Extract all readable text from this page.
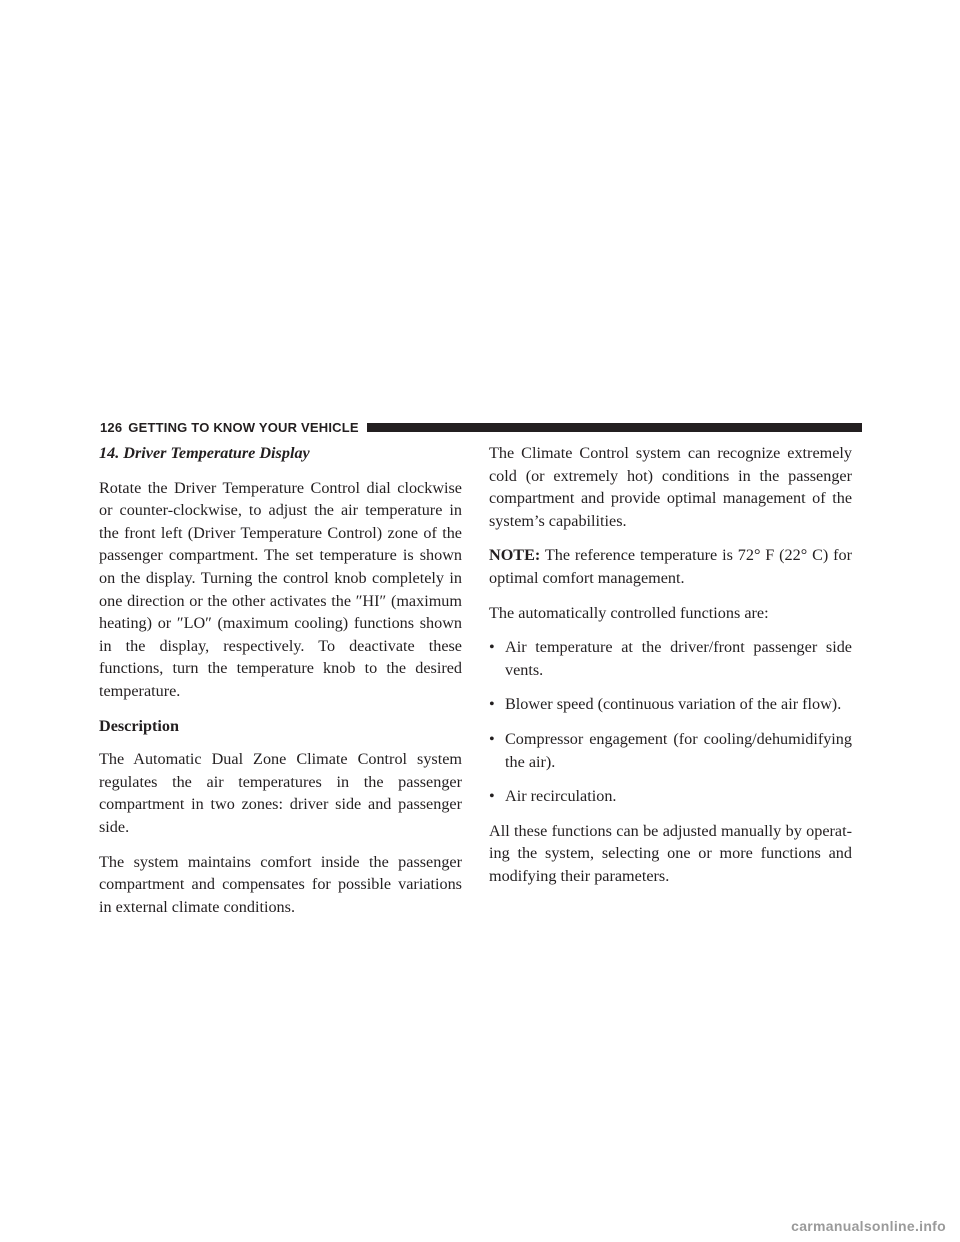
126 GETTING TO KNOW YOUR VEHICLE

14. Driver Temperature Display

Rotate the Driver Temperature Control dial clockwise or counter-clockwise, to adjust the air temperature in the front left (Driver Temperature Control) zone of the passenger compartment. The set temperature is shown on the display. Turning the control knob completely in one direction or the other activates the ″HI″ (maximum heating) or ″LO″ (maximum cooling) functions shown in the display, respectively. To deactivate these functions, turn the temperature knob to the desired temperature.

Description

The Automatic Dual Zone Climate Control system regulates the air temperatures in the passenger compartment in two zones: driver side and passenger side.

The system maintains comfort inside the passenger compartment and compensates for possible variations in external climate conditions.

The Climate Control system can recognize extremely cold (or extremely hot) conditions in the passenger compartment and provide optimal management of the system’s capabilities.

NOTE: The reference temperature is 72° F (22° C) for optimal comfort management.

The automatically controlled functions are:

• Air temperature at the driver/front passenger side vents.
• Blower speed (continuous variation of the air flow).
• Compressor engagement (for cooling/dehumidifying the air).
• Air recirculation.

All these functions can be adjusted manually by operating the system, selecting one or more functions and modifying their parameters.

carmanualsonline.info
